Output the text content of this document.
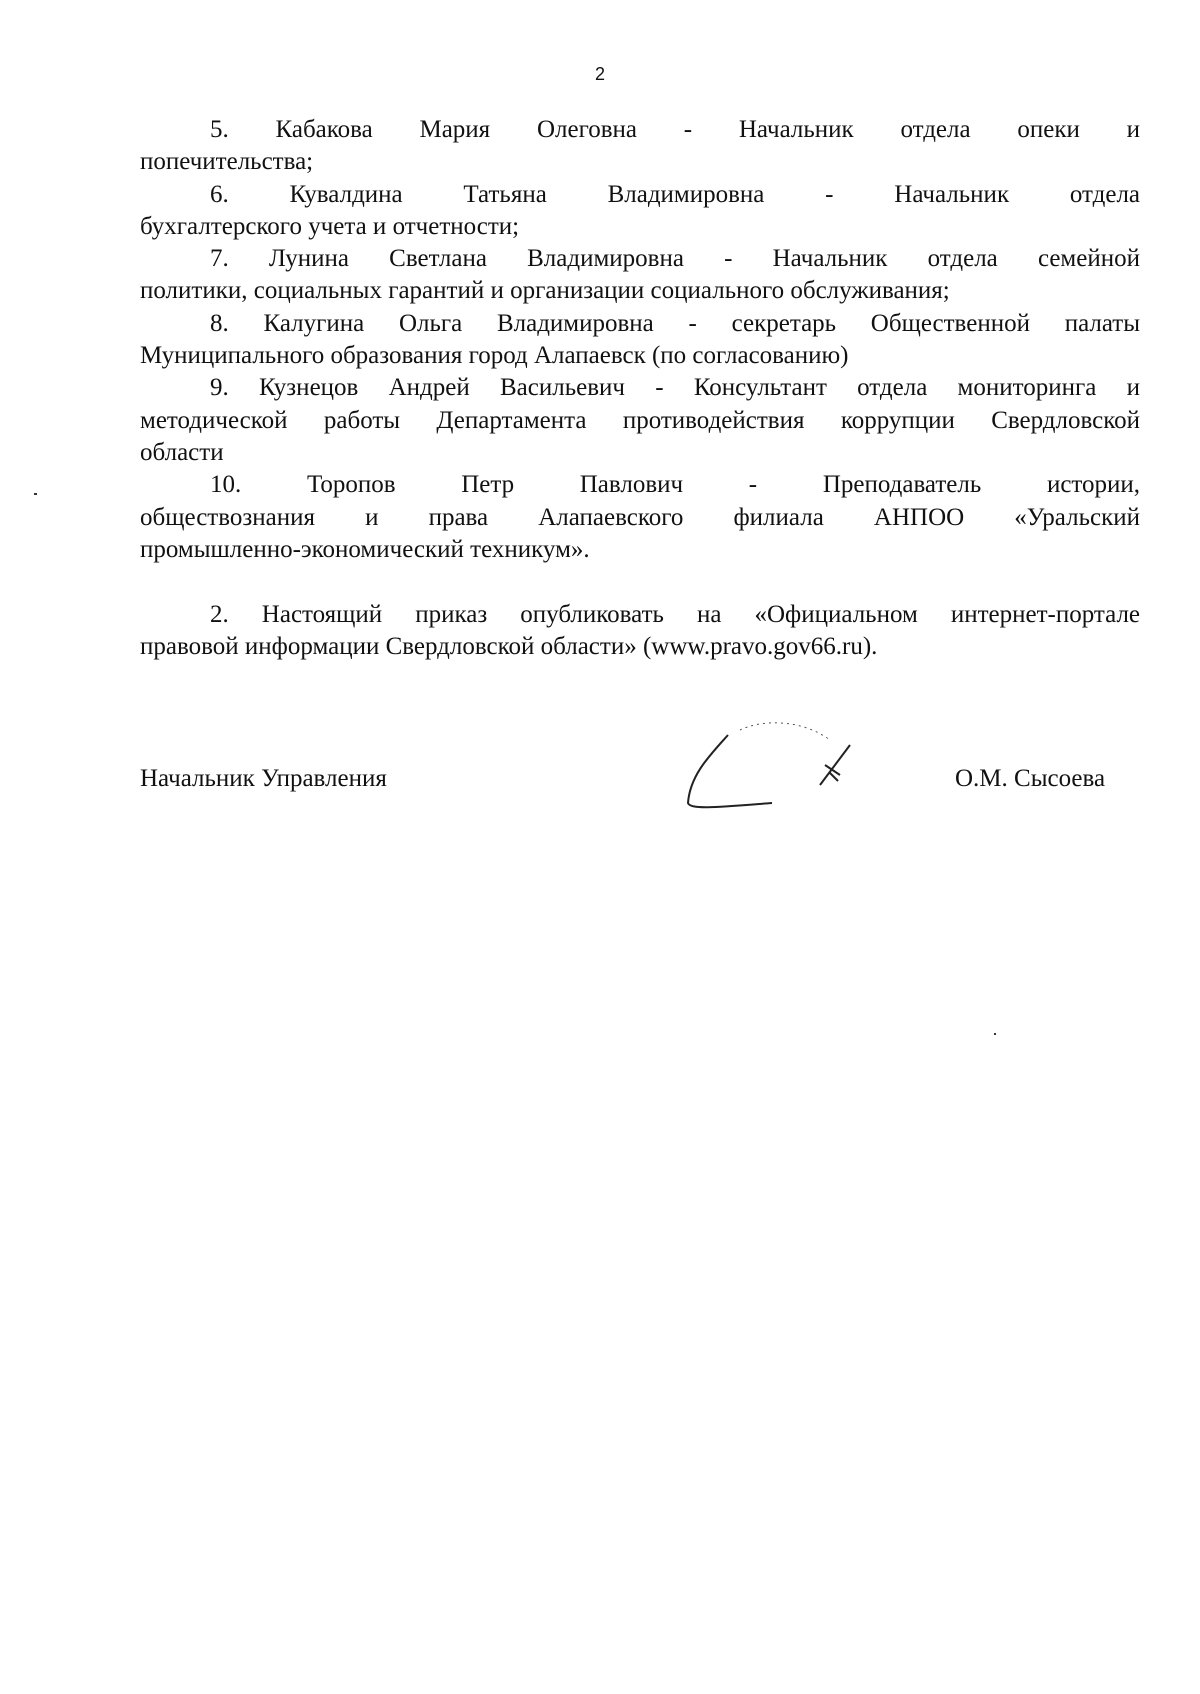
2
5. Кабакова Мария Олеговна - Начальник отдела опеки и
попечительства;
6. Кувалдина Татьяна Владимировна - Начальник отдела
бухгалтерского учета и отчетности;
7. Лунина Светлана Владимировна - Начальник отдела семейной
политики, социальных гарантий и организации социального обслуживания;
8. Калугина Ольга Владимировна - секретарь Общественной палаты
Муниципального образования город Алапаевск (по согласованию)
9. Кузнецов Андрей Васильевич - Консультант отдела мониторинга и
методической работы Департамента противодействия коррупции Свердловской
области
10.	Торопов Петр Павлович	-	Преподаватель	истории,
обществознания и права Алапаевского филиала АНПОО «Уральский
промышленно-экономический техникум».
2. Настоящий приказ опубликовать на «Официальном интернет-портале
правовой информации Свердловской области» (www.pravo.gov66.ru).
Начальник Управления	О.М. Сысоева
